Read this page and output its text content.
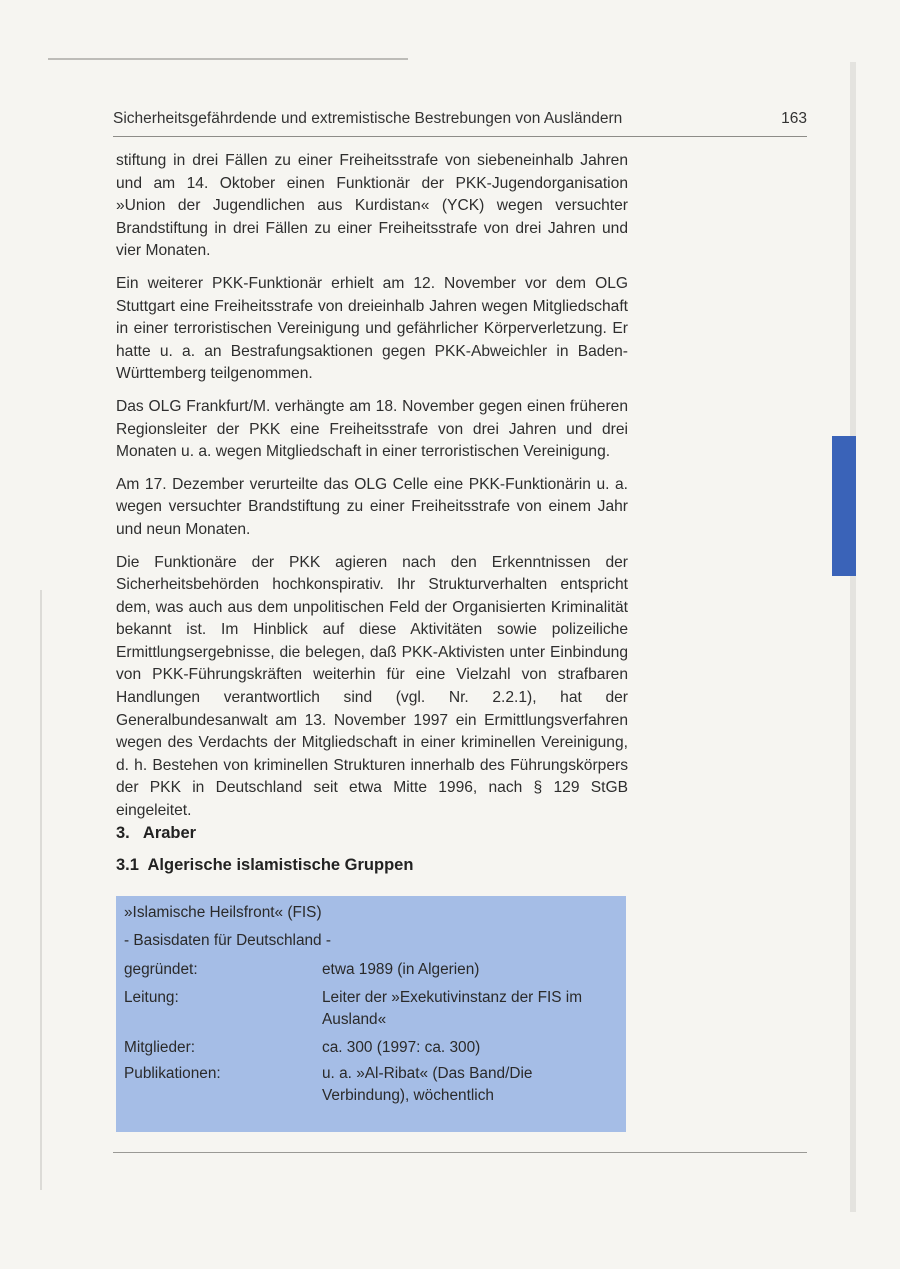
Sicherheitsgefährdende und extremistische Bestrebungen von Ausländern	163

stiftung in drei Fällen zu einer Freiheitsstrafe von siebeneinhalb Jahren und am 14. Oktober einen Funktionär der PKK-Jugendorganisation »Union der Jugendlichen aus Kurdistan« (YCK) wegen versuchter Brandstiftung in drei Fällen zu einer Freiheitsstrafe von drei Jahren und vier Monaten.

Ein weiterer PKK-Funktionär erhielt am 12. November vor dem OLG Stuttgart eine Freiheitsstrafe von dreieinhalb Jahren wegen Mitgliedschaft in einer terroristischen Vereinigung und gefährlicher Körperverletzung. Er hatte u. a. an Bestrafungsaktionen gegen PKK-Abweichler in Baden-Württemberg teilgenommen.

Das OLG Frankfurt/M. verhängte am 18. November gegen einen früheren Regionsleiter der PKK eine Freiheitsstrafe von drei Jahren und drei Monaten u. a. wegen Mitgliedschaft in einer terroristischen Vereinigung.

Am 17. Dezember verurteilte das OLG Celle eine PKK-Funktionärin u. a. wegen versuchter Brandstiftung zu einer Freiheitsstrafe von einem Jahr und neun Monaten.

Die Funktionäre der PKK agieren nach den Erkenntnissen der Sicherheitsbehörden hochkonspirativ. Ihr Strukturverhalten entspricht dem, was auch aus dem unpolitischen Feld der Organisierten Kriminalität bekannt ist. Im Hinblick auf diese Aktivitäten sowie polizeiliche Ermittlungsergebnisse, die belegen, daß PKK-Aktivisten unter Einbindung von PKK-Führungskräften weiterhin für eine Vielzahl von strafbaren Handlungen verantwortlich sind (vgl. Nr. 2.2.1), hat der Generalbundesanwalt am 13. November 1997 ein Ermittlungsverfahren wegen des Verdachts der Mitgliedschaft in einer kriminellen Vereinigung, d. h. Bestehen von kriminellen Strukturen innerhalb des Führungskörpers der PKK in Deutschland seit etwa Mitte 1996, nach § 129 StGB eingeleitet.

3.   Araber
3.1  Algerische islamistische Gruppen
»Islamische Heilsfront« (FIS)
- Basisdaten für Deutschland -
gegründet:	etwa 1989 (in Algerien)
Leitung:	Leiter der »Exekutivinstanz der FIS im Ausland«
Mitglieder:	ca. 300 (1997: ca. 300)
Publikationen:	u. a. »Al-Ribat« (Das Band/Die Verbindung), wöchentlich
